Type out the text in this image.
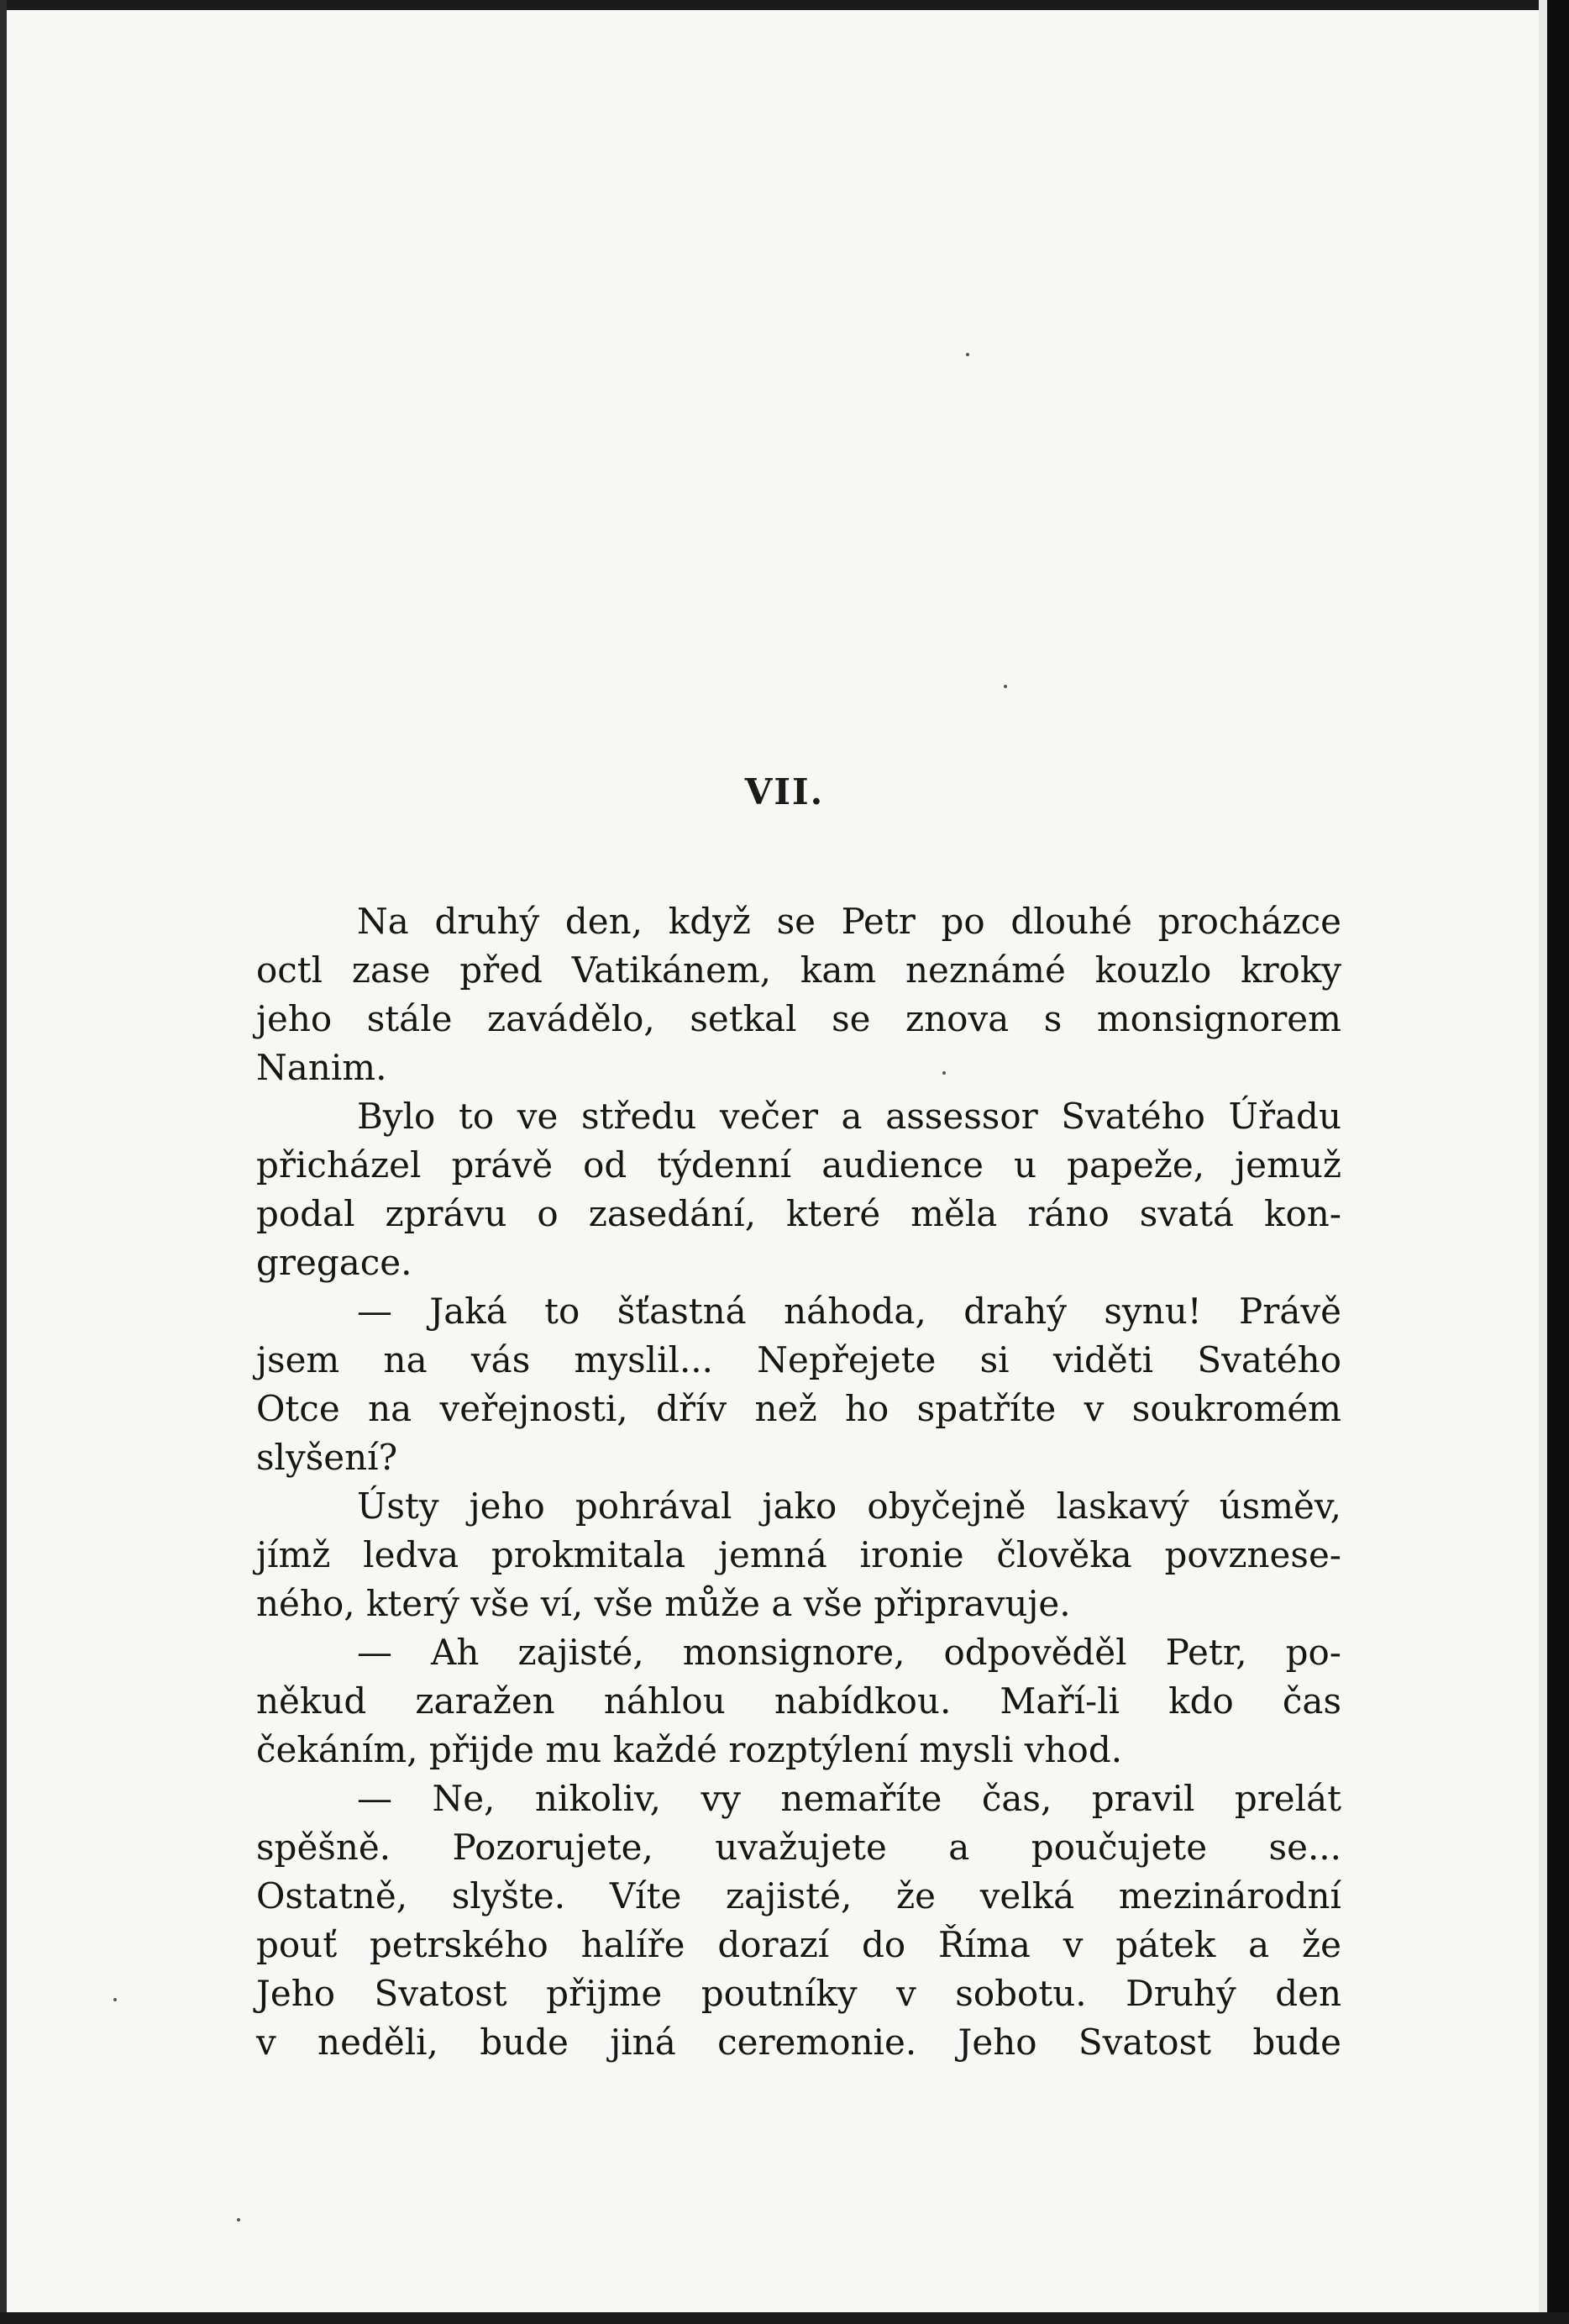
VII.

Na druhý den, když se Petr po dlouhé procházce
octl zase před Vatikánem, kam neznámé kouzlo kroky
jeho stále zavádělo, setkal se znova s monsignorem
Nanim.

Bylo to ve středu večer a assessor Svatého Úřadu
přicházel právě od týdenní audience u papeže, jemuž
podal zprávu o zasedání, které měla ráno svatá kon-
gregace.

— Jaká to šťastná náhoda, drahý synu! Právě
jsem na vás myslil... Nepřejete si viděti Svatého
Otce na veřejnosti, dřív než ho spatříte v soukromém
slyšení?

Ústy jeho pohrával jako obyčejně laskavý úsměv,
jímž ledva prokmitala jemná ironie člověka povznese-
ného, který vše ví, vše může a vše připravuje.

— Ah zajisté, monsignore, odpověděl Petr, po-
někud zaražen náhlou nabídkou. Maří-li kdo čas
čekáním, přijde mu každé rozptýlení mysli vhod.

— Ne, nikoliv, vy nemaříte čas, pravil prelát
spěšně. Pozorujete, uvažujete a poučujete se...
Ostatně, slyšte. Víte zajisté, že velká mezinárodní
pouť petrského halíře dorazí do Říma v pátek a že
Jeho Svatost přijme poutníky v sobotu. Druhý den
v neděli, bude jiná ceremonie. Jeho Svatost bude
